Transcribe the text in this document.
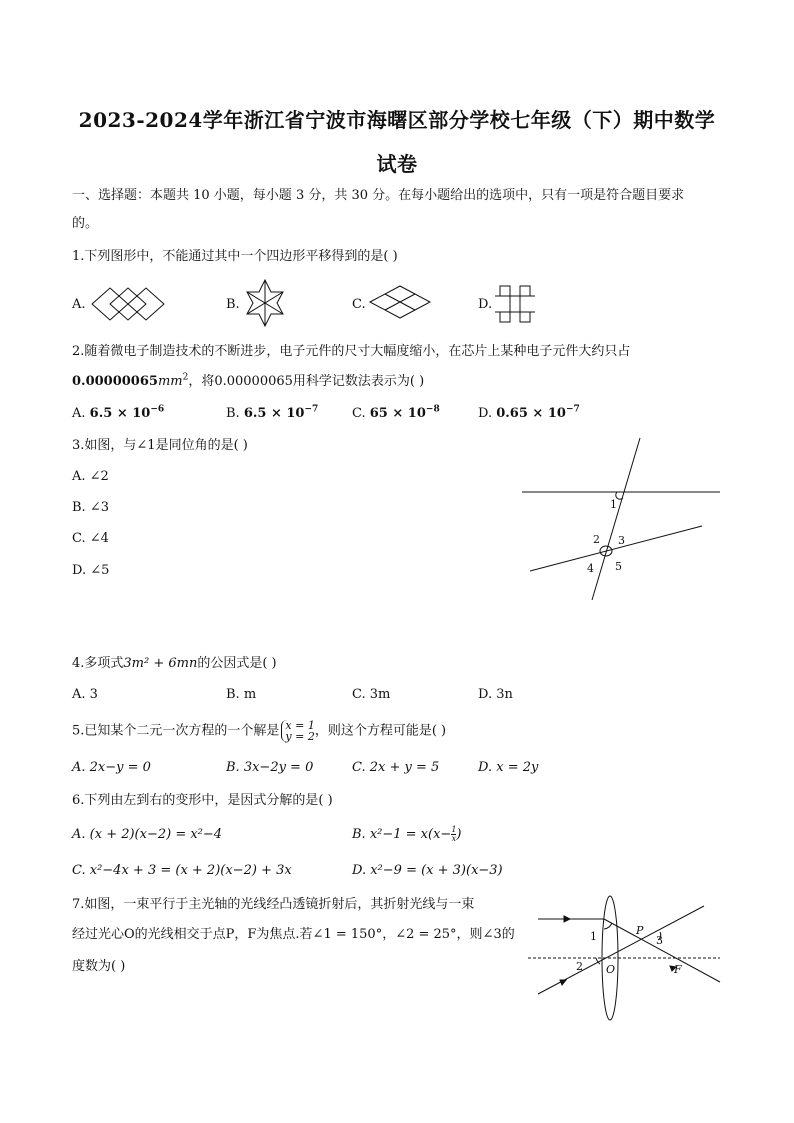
2023-2024学年浙江省宁波市海曙区部分学校七年级（下）期中数学
试卷
一、选择题：本题共 10 小题，每小题 3 分，共 30 分。在每小题给出的选项中，只有一项是符合题目要求
的。
1.下列图形中，不能通过其中一个四边形平移得到的是( )
A.	B.	C.	D.
2.随着微电子制造技术的不断进步，电子元件的尺寸大幅度缩小，在芯片上某种电子元件大约只占
$0.00000065mm^2$，将0.00000065用科学记数法表示为( )
A. $6.5 \times 10^{-6}$	B. $6.5 \times 10^{-7}$	C. $65 \times 10^{-8}$	D. $0.65 \times 10^{-7}$
3.如图，与∠1是同位角的是( )
A. ∠2
B. ∠3
C. ∠4
D. ∠5
1
2 3
4 5
4.多项式3m² + 6mn的公因式是( )
A. 3	B. m	C. 3m	D. 3n
5.已知某个二元一次方程的一个解是 x = 1
y = 2 ，则这个方程可能是( )
A. 2x−y = 0	B. 3x−2y = 0	C. 2x + y = 5	D. x = 2y
6.下列由左到右的变形中，是因式分解的是( )
A. (x + 2)(x−2) = x²−4	B. $x^2-1 = x(x- \frac{1}{x}$ )
C. x²−4x + 3 = (x + 2)(x−2) + 3x	D. x²−9 = (x + 3)(x−3)
7.如图，一束平行于主光轴的光线经凸透镜折射后，其折射光线与一束
经过光心O的光线相交于点P，F为焦点.若∠1 = 150°，∠2 = 25°，则∠3的
度数为( )
1
2
3
O
P
F
